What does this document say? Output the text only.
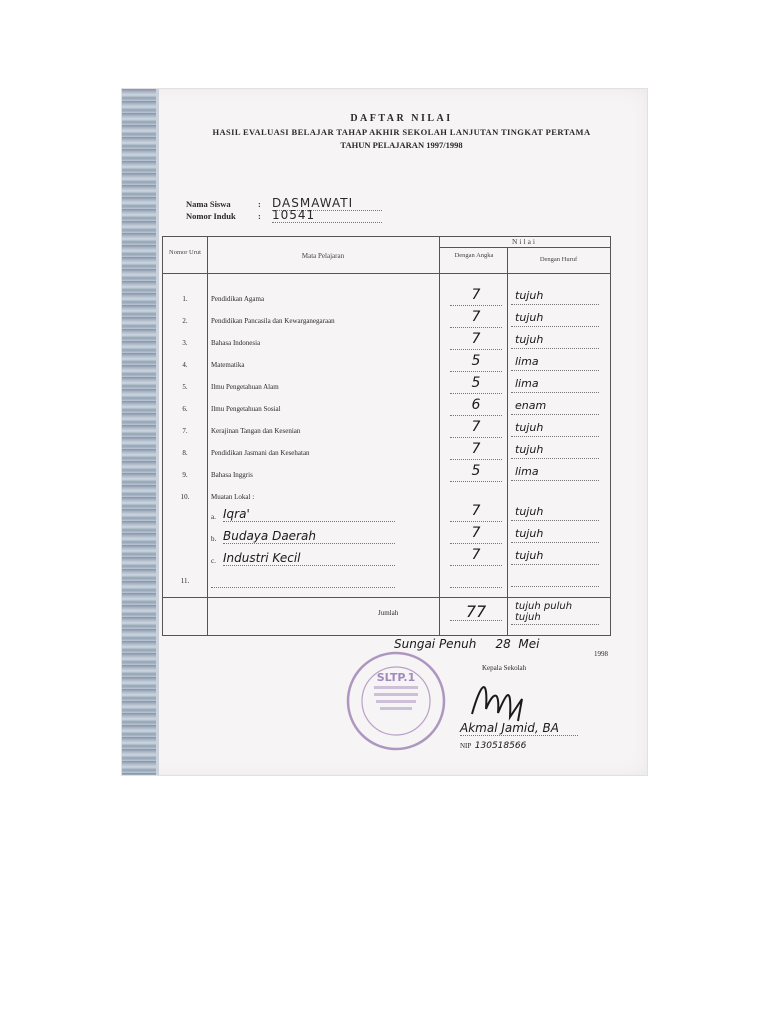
DAFTAR NILAI
HASIL EVALUASI BELAJAR TAHAP AKHIR SEKOLAH LANJUTAN TINGKAT PERTAMA
TAHUN PELAJARAN 1997/1998
Nama Siswa	: DASMAWATI
Nomor Induk	: 10541
Nomor Urut	Mata Pelajaran
Nilai
Dengan Angka
Dengan Huruf
1.	Pendidikan Agama	7	tujuh
2.	Pendidikan Pancasila dan Kewarganegaraan	7	tujuh
3.	Bahasa Indonesia	7	tujuh
4.	Matematika	5	lima
5.	Ilmu Pengetahuan Alam	5	lima
6.	Ilmu Pengetahuan Sosial	6	enam
7.	Kerajinan Tangan dan Kesenian	7	tujuh
8.	Pendidikan Jasmani dan Kesehatan	7	tujuh
9.	Bahasa Inggris	5	lima
10.	Muatan Lokal :
a. Iqra'	7	tujuh
b. Budaya Daerah	7	tujuh
c. Industri Kecil	7	tujuh
11.
Jumlah	77	tujuh puluh tujuh
Sungai Penuh 28 Mei
1998
Kepala Sekolah
SLTP.1
Akmal Jamid, BA
NIP 130518566
